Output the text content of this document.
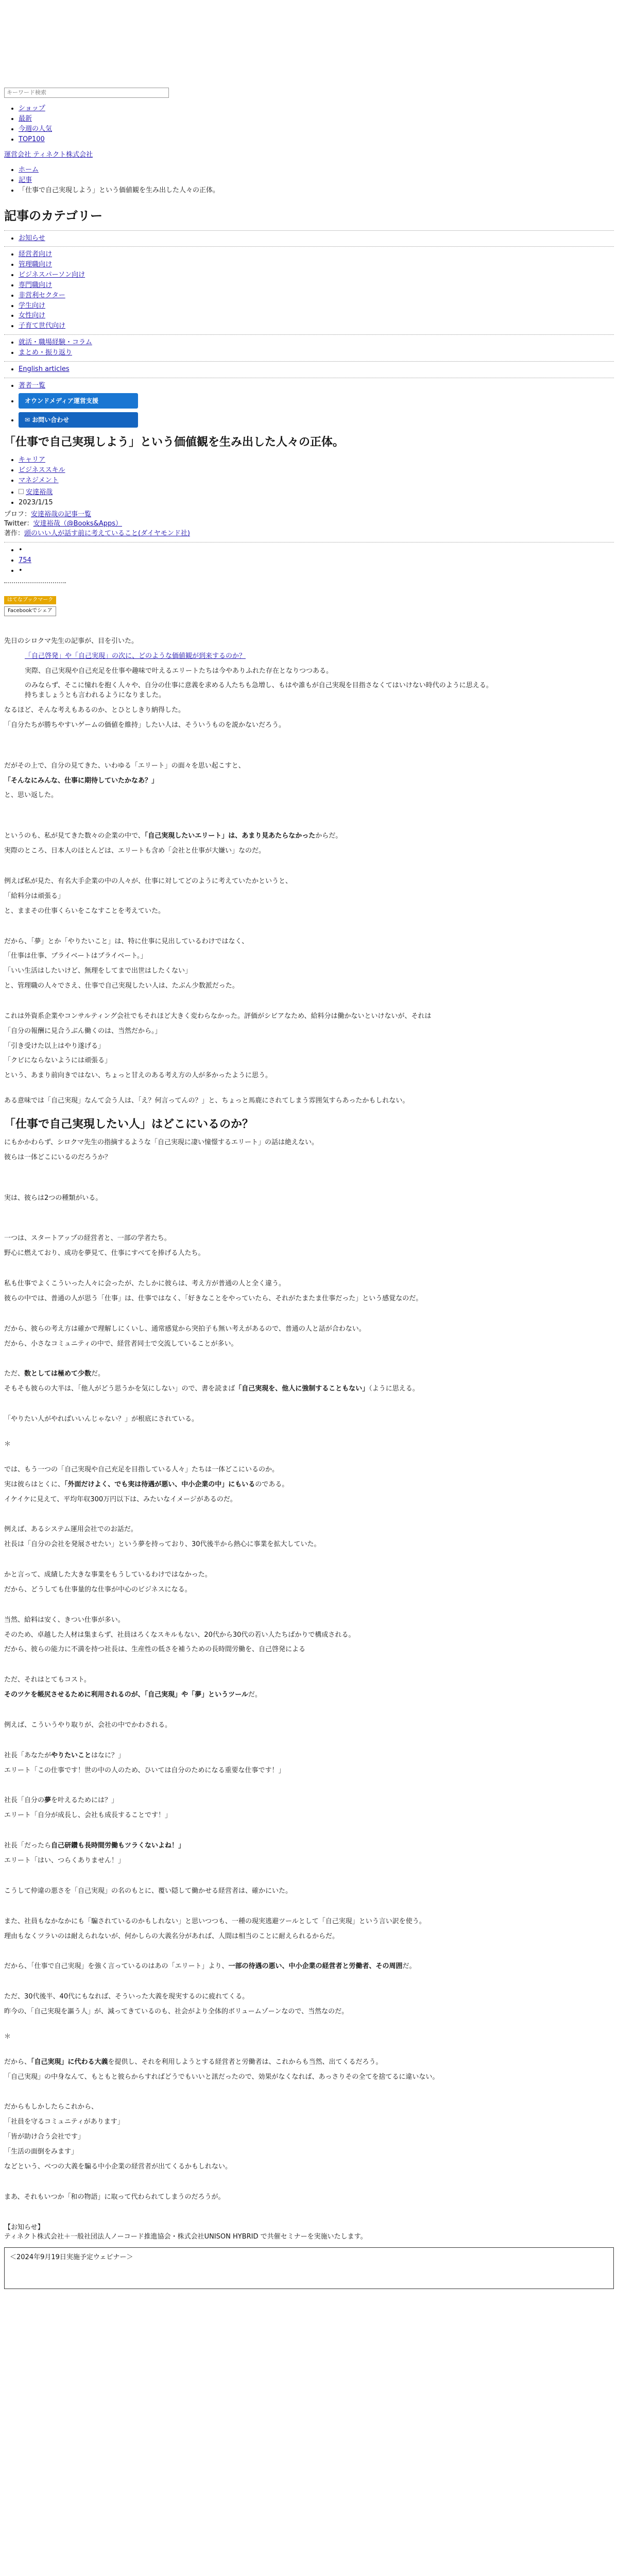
キーワード検索
• ショップ
• 最新
• 今週の人気
• TOP100
運営会社 ティネクト株式会社
• ホーム
• 記事
• 「仕事で自己実現しよう」という価値観を生み出した人々の正体。
記事のカテゴリー
• お知らせ
• 経営者向け
• 管理職向け
• ビジネスパーソン向け
• 専門職向け
• 非営利セクター
• 学生向け
• 女性向け
• 子育て世代向け
• 就活・職場経験・コラム
• まとめ・振り返り
• English articles
• 著者一覧
• オウンドメディア運営支援
• ✉ お問い合わせ
「仕事で自己実現しよう」という価値観を生み出した人々の正体。
• キャリア
• ビジネススキル
• マネジメント
• 安達裕哉
• 2023/1/15
プロフ：安達裕哉の記事一覧
Twitter：安達裕哉（@Books&Apps）
著作：頭のいい人が話す前に考えていること(ダイヤモンド社)
• •
• 754
• •

はてなブックマーク
Facebookでシェア

先日のシロクマ先生の記事が、目を引いた。

「自己啓発」や「自己実現」の次に、どのような価値観が到来するのか？

実際、自己実現や自己充足を仕事や趣味で叶えるエリートたちは今やありふれた存在となりつつある。

のみならず、そこに憧れを抱く人々や、自分の仕事に意義を求める人たちも急増し、もはや誰もが自己実現を目指さなくてはいけない時代のように思える。
持ちましょうとも言われるようになりました。

なるほど、そんな考えもあるのか、とひとしきり納得した。

「自分たちが勝ちやすいゲームの価値を維持」したい人は、そういうものを説かないだろう。

だがその上で、自分の見てきた、いわゆる「エリート」の面々を思い起こすと、

「そんなにみんな、仕事に期待していたかなあ？」

と、思い返した。

というのも、私が見てきた数々の企業の中で、「自己実現したいエリート」は、あまり見あたらなかったからだ。

実際のところ、日本人のほとんどは、エリートも含め「会社と仕事が大嫌い」なのだ。

例えば私が見た、有名大手企業の中の人々が、仕事に対してどのように考えていたかというと、

「給料分は頑張る」

と、ままその仕事くらいをこなすことを考えていた。

だから、「夢」とか「やりたいこと」は、特に仕事に見出しているわけではなく、

「仕事は仕事、プライベートはプライベート。」

「いい生活はしたいけど、無理をしてまで出世はしたくない」

と、管理職の人々でさえ、仕事で自己実現したい人は、たぶん少数派だった。

これは外資系企業やコンサルティング会社でもそれほど大きく変わらなかった。評価がシビアなため、給料分は働かないといけないが、それは

「自分の報酬に見合うぶん働くのは、当然だから。」

「引き受けた以上はやり遂げる」

「クビにならないようには頑張る」

という、あまり前向きではない、ちょっと甘えのある考え方の人が多かったように思う。

ある意味では「自己実現」なんて会う人は、「え？何言ってんの？」と、ちょっと馬鹿にされてしまう雰囲気すらあったかもしれない。

「仕事で自己実現したい人」はどこにいるのか？

にもかかわらず、シロクマ先生の指摘するような「自己実現に凄い憧憬するエリート」の話は絶えない。

彼らは一体どこにいるのだろうか？

実は、彼らは2つの種類がいる。

一つは、スタートアップの経営者と、一部の学者たち。

野心に燃えており、成功を夢見て、仕事にすべてを捧げる人たち。

私も仕事でよくこういった人々に会ったが、たしかに彼らは、考え方が普通の人と全く違う。

彼らの中では、普通の人が思う「仕事」は、仕事ではなく、「好きなことをやっていたら、それがたまたま仕事だった」という感覚なのだ。

だから、彼らの考え方は確かで理解しにくいし、通常感覚から突拍子も無い考えがあるので、普通の人と話が合わない。

だから、小さなコミュニティの中で、経営者同士で交流していることが多い。

ただ、数としては極めて少数だ。

そもそも彼らの大半は、「他人がどう思うかを気にしない」ので、書を読まば「自己実現を、他人に強制することもない」（ように思える。

「やりたい人がやればいいんじゃない？」が根底にされている。

＊

では、もう一つの「自己実現や自己充足を目指している人々」たちは一体どこにいるのか。

実は彼らはとくに、「外面だけよく、でも実は待遇が悪い、中小企業の中」にもいるのである。

イケイケに見えて、平均年収300万円以下は、みたいなイメージがあるのだ。

例えば、あるシステム運用会社でのお話だ。

社長は「自分の会社を発展させたい」という夢を持っており、30代後半から熱心に事業を拡大していた。

かと言って、成績した大きな事業をもうしているわけではなかった。

だから、どうしても仕事量的な仕事が中心のビジネスになる。

当然、給料は安く、きつい仕事が多い。

そのため、卓越した人材は集まらず、社員はろくなスキルもない、20代から30代の若い人たちばかりで構成される。

だから、彼らの能力に不満を持つ社長は、生産性の低さを補うための長時間労働を、自己啓発による

ただ、それはとてもコスト。

そのツケを帳尻させるために利用されるのが、「自己実現」や「夢」というツールだ。

例えば、こういうやり取りが、会社の中でかわされる。

社長「あなたがやりたいことはなに？」

エリート「この仕事です！世の中の人のため、ひいては自分のためになる重要な仕事です！」

社長「自分の夢を叶えるためには？」

エリート「自分が成長し、会社も成長することです！」

社長「だったら自己研鑽も長時間労働もツラくないよね！」

エリート「はい、つらくありません！」

こうして仲違の悪さを「自己実現」の名のもとに、覆い隠して働かせる経営者は、確かにいた。

また、社員もなかなかにも「騙されているのかもしれない」と思いつつも、一種の現実逃避ツールとして「自己実現」という言い訳を使う。

理由もなくツラいのは耐えられないが、何かしらの大義名分があれば、人間は相当のことに耐えられるからだ。

だから、「仕事で自己実現」を強く言っているのはあの「エリート」より、一部の待遇の悪い、中小企業の経営者と労働者、その周囲だ。

ただ、30代後半、40代にもなれば、そういった大義を現実するのに疲れてくる。

昨今の、「自己実現を謳う人」が、減ってきているのも、社会がより全体的ボリュームゾーンなので、当然なのだ。

＊

だから、「自己実現」に代わる大義を提供し、それを利用しようとする経営者と労働者は、これからも当然、出てくるだろう。

「自己実現」の中身なんて、もともと彼らからすればどうでもいいと訊だったので、効果がなくなれば、あっさりその全てを捨てるに違いない。

だからもしかしたらこれから、

「社員を守るコミュニティがあります」

「皆が助け合う会社です」

「生活の面倒をみます」

などという、ベつの大義を騙る中小企業の経営者が出てくるかもしれない。

まあ、それもいつか「和の物語」に取って代わられてしまうのだろうが。

【お知らせ】
ティネクト株式会社＋一般社団法人ノーコード推進協会・株式会社UNISON HYBRID で共催セミナーを実施いたします。
＜2024年9月19日実施予定ウェビナー＞
